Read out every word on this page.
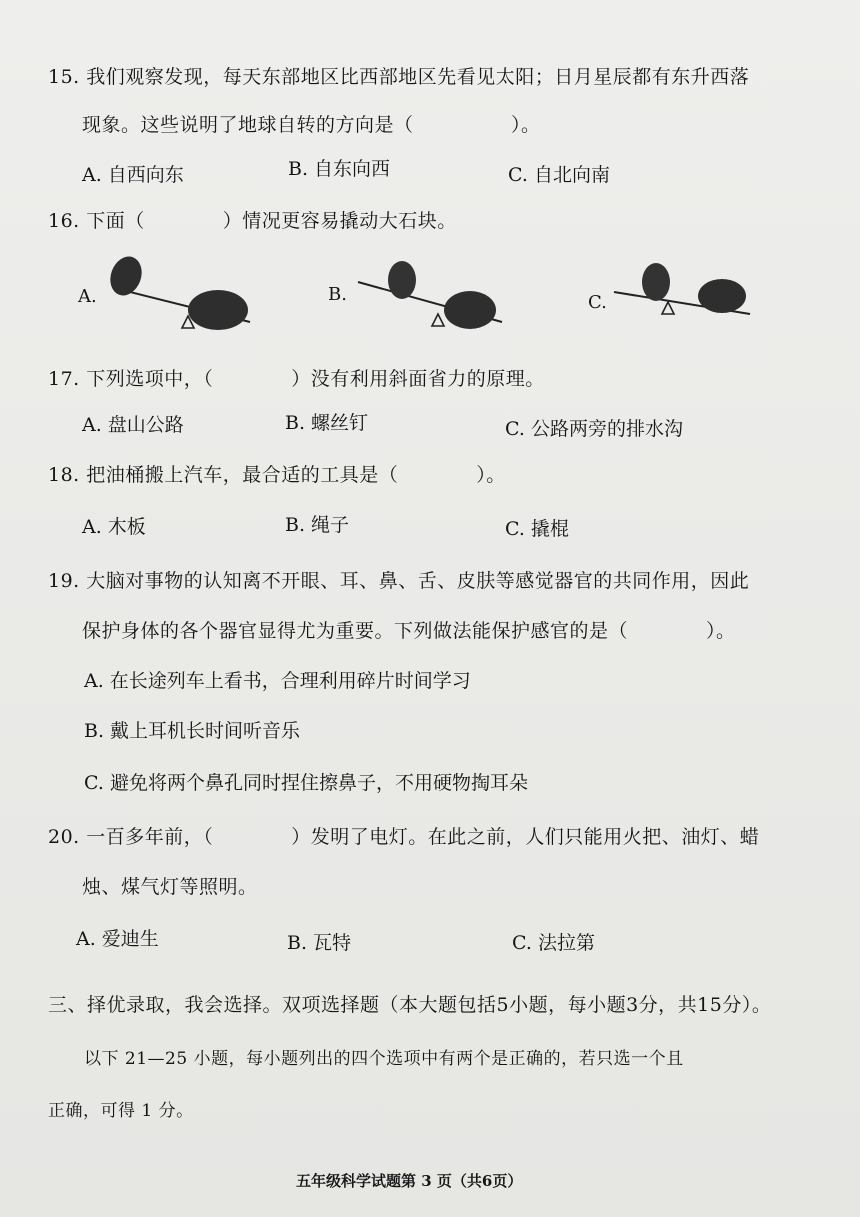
15. 我们观察发现，每天东部地区比西部地区先看见太阳；日月星辰都有东升西落
现象。这些说明了地球自转的方向是（　　　　　）。
A. 自西向东	B. 自东向西	C. 自北向南
16. 下面（　　　　）情况更容易撬动大石块。
A.	B.	C.
17. 下列选项中，（　　　　）没有利用斜面省力的原理。
A. 盘山公路	B. 螺丝钉	C. 公路两旁的排水沟
18. 把油桶搬上汽车，最合适的工具是（　　　　）。
A. 木板	B. 绳子	C. 撬棍
19. 大脑对事物的认知离不开眼、耳、鼻、舌、皮肤等感觉器官的共同作用，因此
保护身体的各个器官显得尤为重要。下列做法能保护感官的是（　　　　）。
A. 在长途列车上看书，合理利用碎片时间学习
B. 戴上耳机长时间听音乐
C. 避免将两个鼻孔同时捏住擦鼻子，不用硬物掏耳朵
20. 一百多年前，（　　　　）发明了电灯。在此之前，人们只能用火把、油灯、蜡
烛、煤气灯等照明。
A. 爱迪生	B. 瓦特	C. 法拉第
三、择优录取，我会选择。双项选择题（本大题包括5小题，每小题3分，共15分）。
以下 21—25 小题，每小题列出的四个选项中有两个是正确的，若只选一个且
正确，可得 1 分。
五年级科学试题第 3 页（共6页）
